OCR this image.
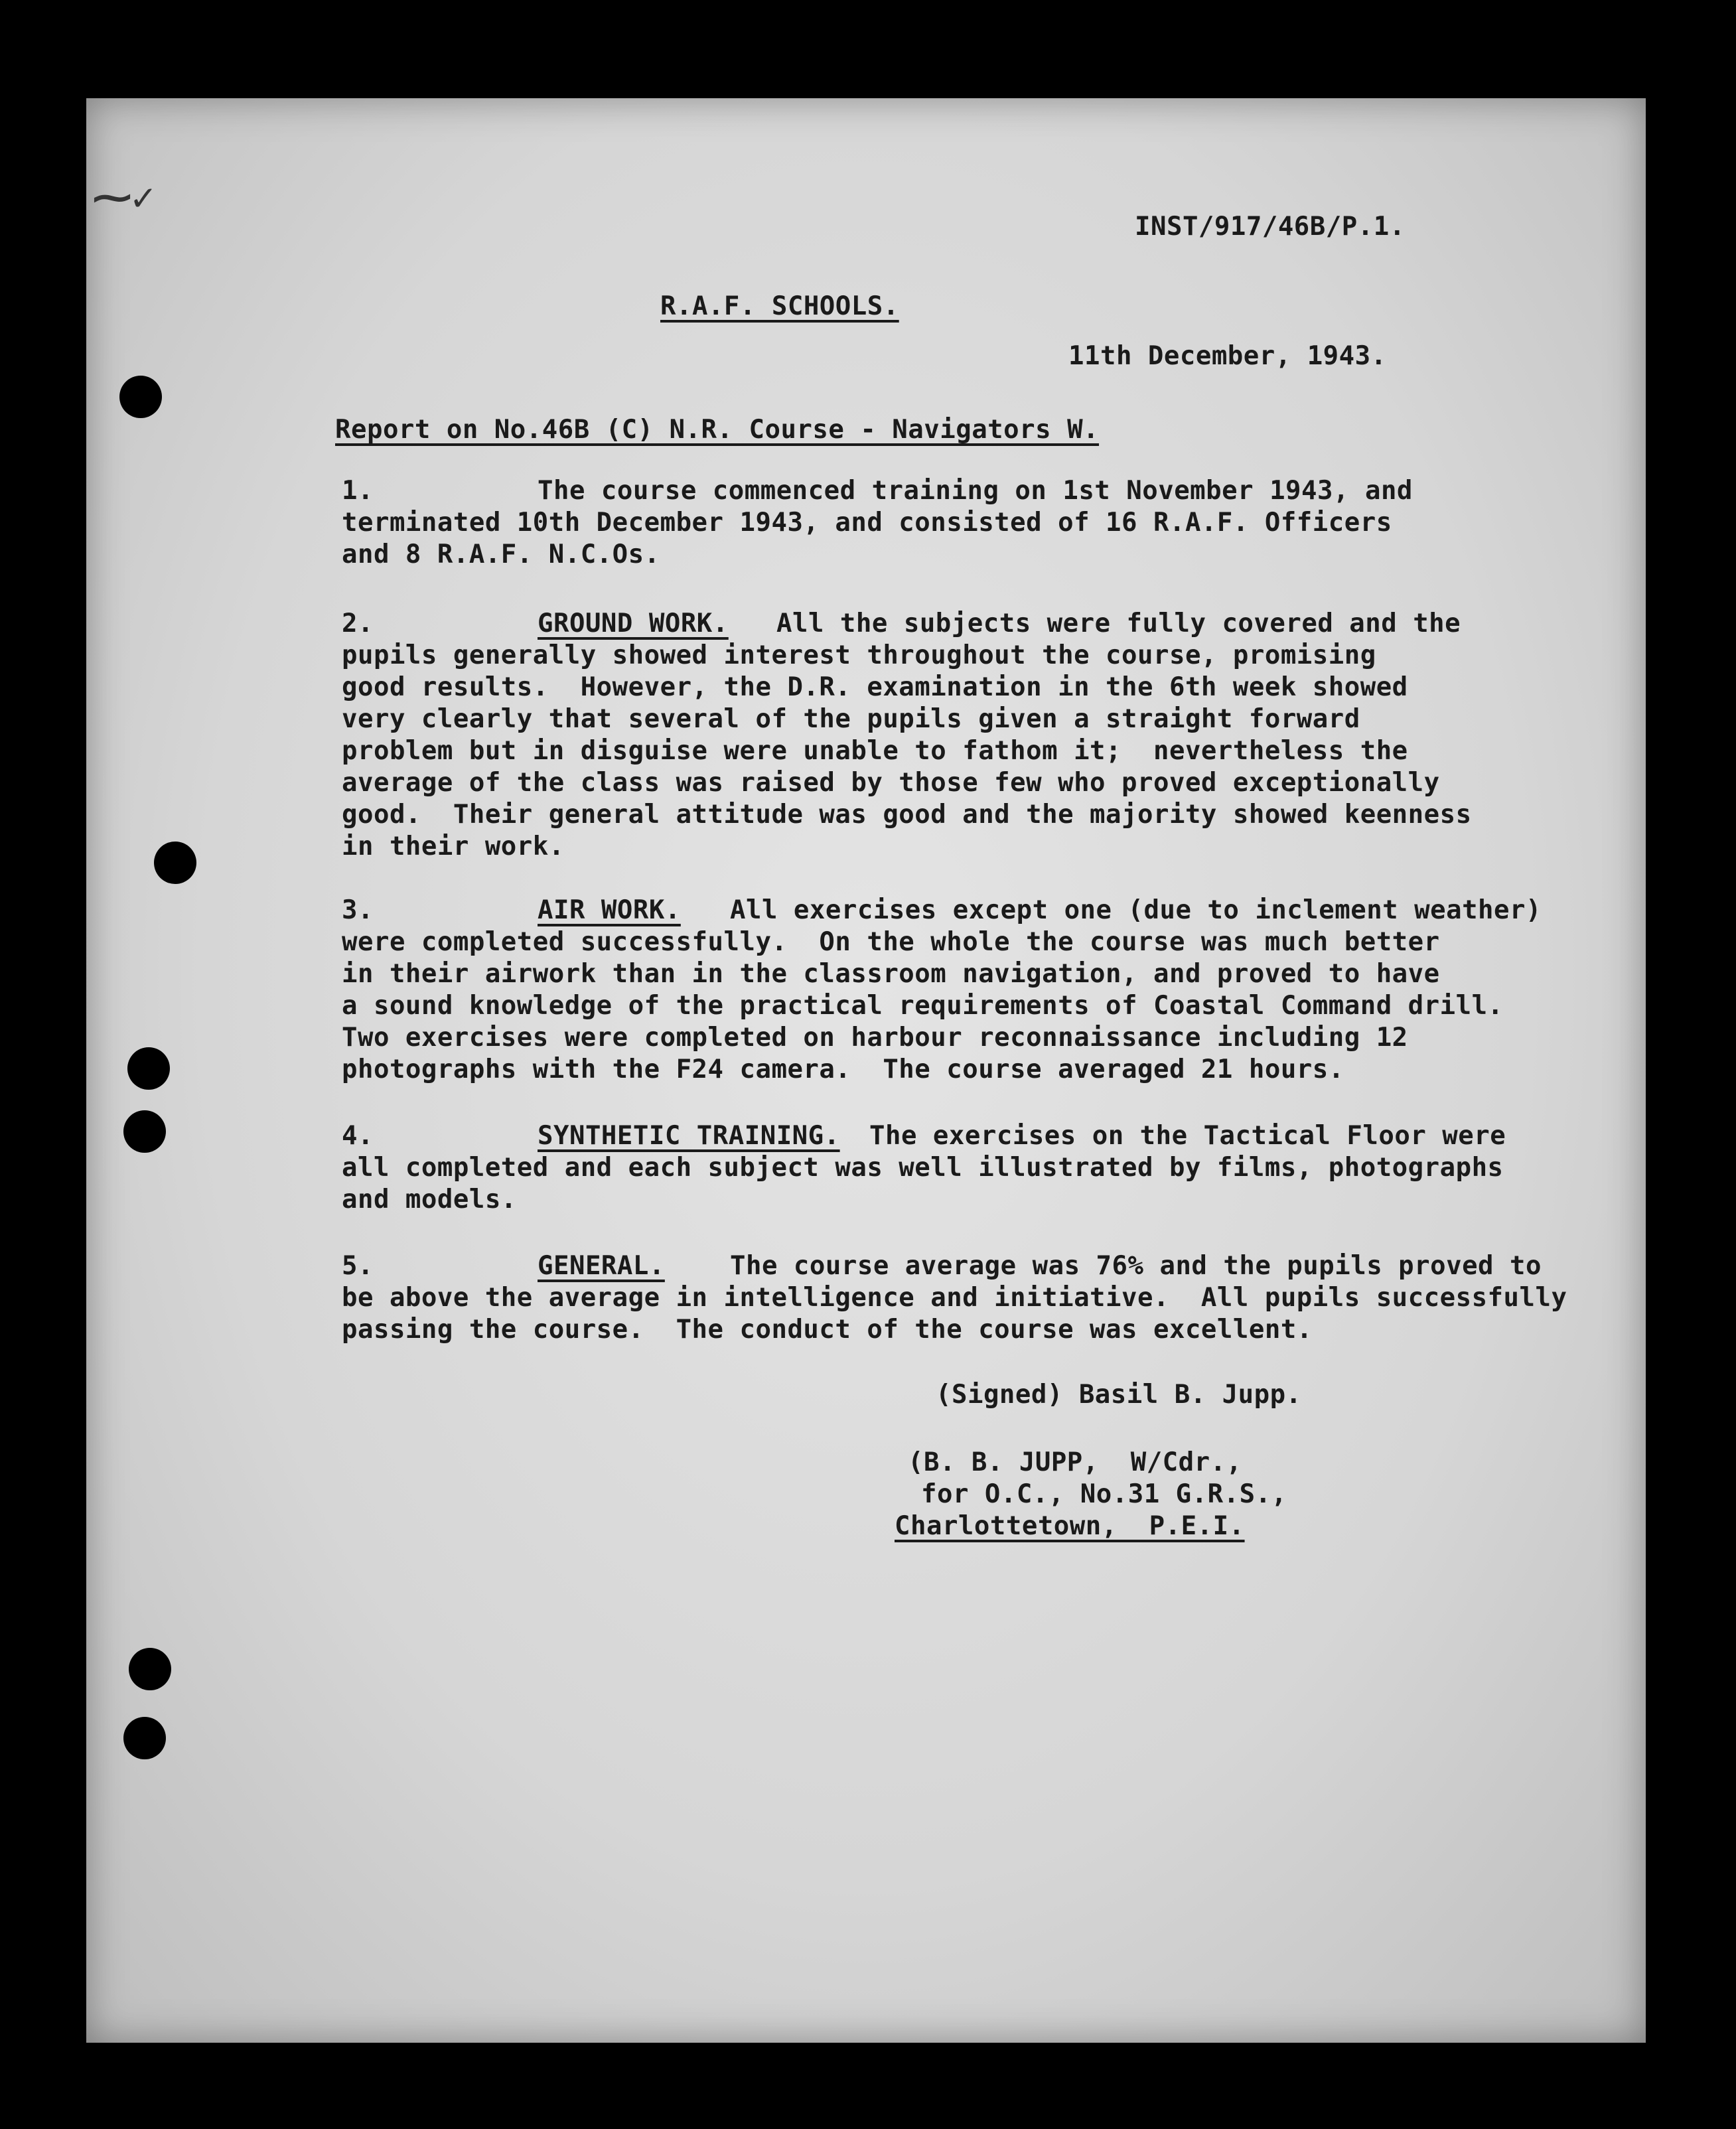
⁓✓
INST/917/46B/P.1.
R.A.F. SCHOOLS.
11th December, 1943.
Report on No.46B (C) N.R. Course - Navigators W.
1.	The course commenced training on 1st November 1943, and
terminated 10th December 1943, and consisted of 16 R.A.F. Officers
and 8 R.A.F. N.C.Os.
2.	GROUND WORK. All the subjects were fully covered and the
pupils generally showed interest throughout the course, promising
good results.  However, the D.R. examination in the 6th week showed
very clearly that several of the pupils given a straight forward
problem but in disguise were unable to fathom it;  nevertheless the
average of the class was raised by those few who proved exceptionally
good.  Their general attitude was good and the majority showed keenness
in their work.
3.	AIR WORK. All exercises except one (due to inclement weather)
were completed successfully.  On the whole the course was much better
in their airwork than in the classroom navigation, and proved to have
a sound knowledge of the practical requirements of Coastal Command drill.
Two exercises were completed on harbour reconnaissance including 12
photographs with the F24 camera.  The course averaged 21 hours.
4.	SYNTHETIC TRAINING. The exercises on the Tactical Floor were
all completed and each subject was well illustrated by films, photographs
and models.
5.	GENERAL.	The course average was 76% and the pupils proved to
be above the average in intelligence and initiative.  All pupils successfully
passing the course.  The conduct of the course was excellent.
(Signed) Basil B. Jupp.
(B. B. JUPP,  W/Cdr.,
for O.C., No.31 G.R.S.,
Charlottetown,  P.E.I.
